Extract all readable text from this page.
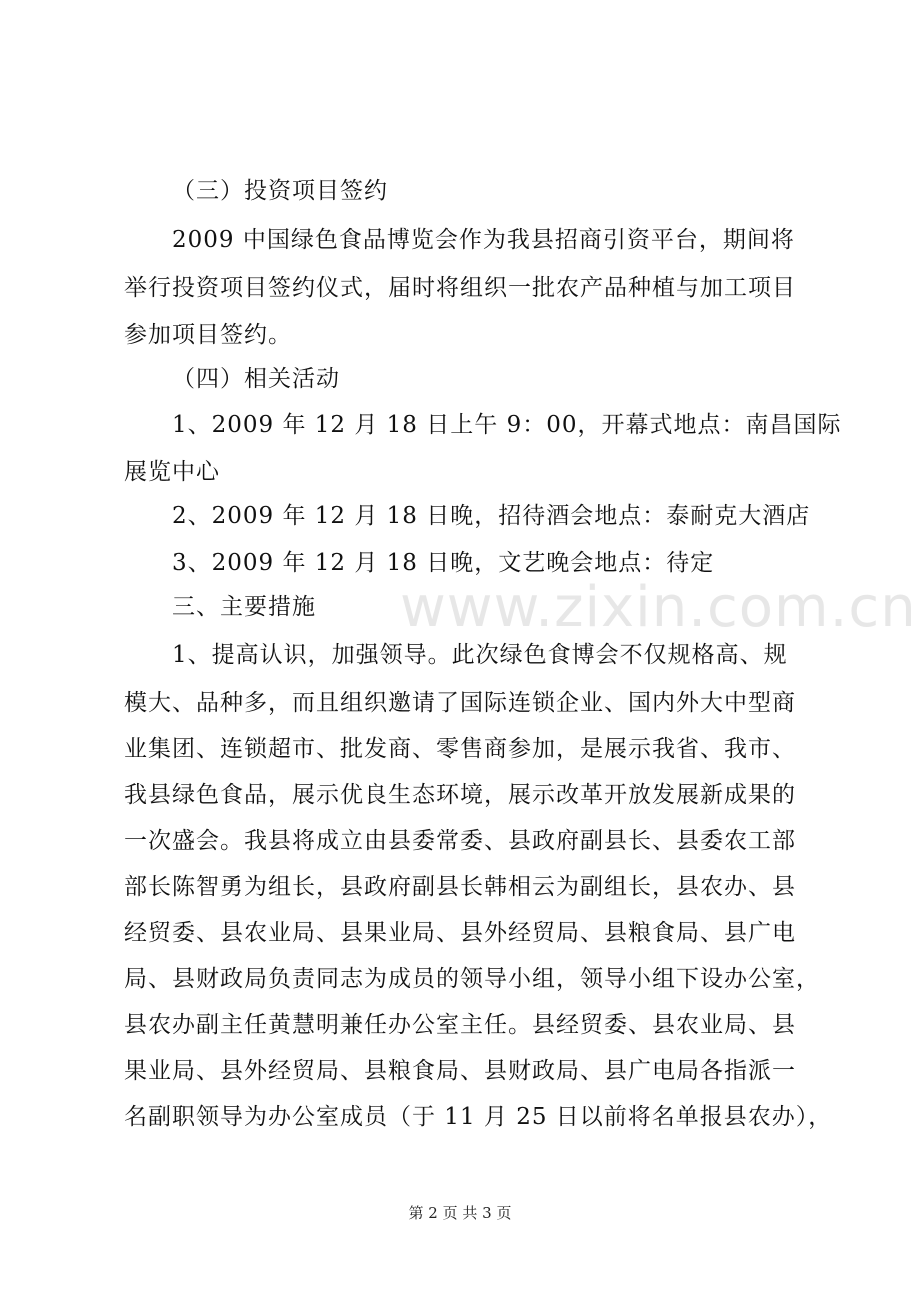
www.zixin.com.cn
（三）投资项目签约
2009 中国绿色食品博览会作为我县招商引资平台，期间将
举行投资项目签约仪式，届时将组织一批农产品种植与加工项目
参加项目签约。
（四）相关活动
1、2009 年 12 月 18 日上午 9：00，开幕式地点：南昌国际
展览中心
2、2009 年 12 月 18 日晚，招待酒会地点：泰耐克大酒店
3、2009 年 12 月 18 日晚，文艺晚会地点：待定
三、主要措施
1、提高认识，加强领导。此次绿色食博会不仅规格高、规
模大、品种多，而且组织邀请了国际连锁企业、国内外大中型商
业集团、连锁超市、批发商、零售商参加，是展示我省、我市、
我县绿色食品，展示优良生态环境，展示改革开放发展新成果的
一次盛会。我县将成立由县委常委、县政府副县长、县委农工部
部长陈智勇为组长，县政府副县长韩相云为副组长，县农办、县
经贸委、县农业局、县果业局、县外经贸局、县粮食局、县广电
局、县财政局负责同志为成员的领导小组，领导小组下设办公室，
县农办副主任黄慧明兼任办公室主任。县经贸委、县农业局、县
果业局、县外经贸局、县粮食局、县财政局、县广电局各指派一
名副职领导为办公室成员（于 11 月 25 日以前将名单报县农办），
第 2 页 共 3 页
